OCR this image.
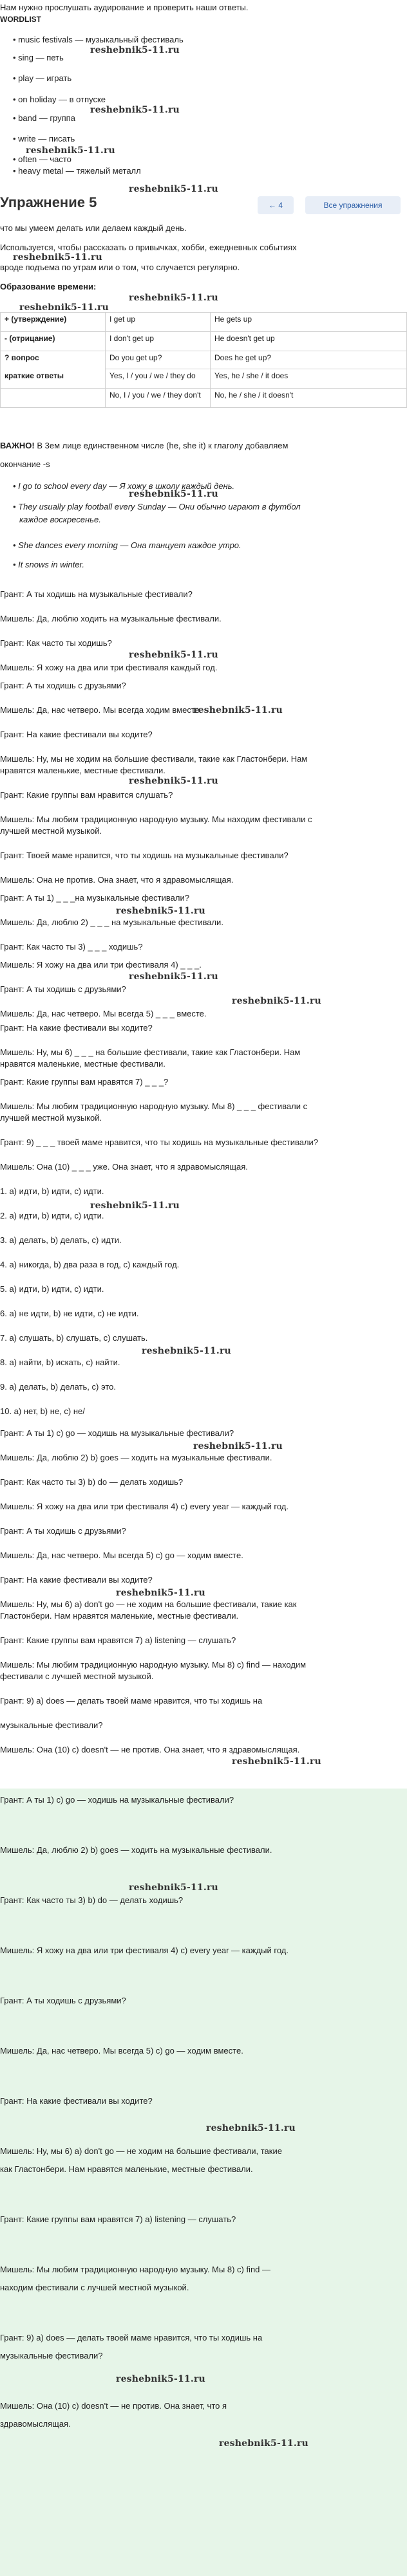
Нам нужно прослушать аудирование и проверить наши ответы.
WORDLIST
• music festivals — музыкальный фестиваль
• sing — петь
• play — играть
• on holiday — в отпуске
• band — группа
• write — писать
• often — часто
• heavy metal — тяжелый металл
Упражнение 5	← 4	Все упражнения
что мы умеем делать или делаем каждый день.
Используется, чтобы рассказать о привычках, хобби, ежедневных событиях
вроде подъема по утрам или о том, что случается регулярно.
Образование времени:
+ (утверждение)	I get up	He gets up
- (отрицание)	I don't get up	He doesn't get up
? вопрос	Do you get up?	Does he get up?
краткие ответы	Yes, I / you / we / they do	Yes, he / she / it does
	No, I / you / we / they don't	No, he / she / it doesn't
ВАЖНО! В 3ем лице единственном числе (he, she it) к глаголу добавляем
окончание -s
• I go to school every day — Я хожу в школу каждый день.
• They usually play football every Sunday — Они обычно играют в футбол
каждое воскресенье.
• She dances every morning — Она танцует каждое утро.
• It snows in winter.
Грант: А ты ходишь на музыкальные фестивали?
Мишель: Да, люблю ходить на музыкальные фестивали.
Грант: Как часто ты ходишь?
Мишель: Я хожу на два или три фестиваля каждый год.
Грант: А ты ходишь с друзьями?
Мишель: Да, нас четверо. Мы всегда ходим вместе.
Грант: На какие фестивали вы ходите?
Мишель: Ну, мы не ходим на большие фестивали, такие как Гластонбери. Нам
нравятся маленькие, местные фестивали.
Грант: Какие группы вам нравится слушать?
Мишель: Мы любим традиционную народную музыку. Мы находим фестивали с
лучшей местной музыкой.
Грант: Твоей маме нравится, что ты ходишь на музыкальные фестивали?
Мишель: Она не против. Она знает, что я здравомыслящая.
Грант: А ты 1) _ _ _на музыкальные фестивали?
Мишель: Да, люблю 2) _ _ _ на музыкальные фестивали.
Грант: Как часто ты 3) _ _ _ ходишь?
Мишель: Я хожу на два или три фестиваля 4) _ _ _.
Грант: А ты ходишь с друзьями?
Мишель: Да, нас четверо. Мы всегда 5) _ _ _ вместе.
Грант: На какие фестивали вы ходите?
Мишель: Ну, мы 6) _ _ _ на большие фестивали, такие как Гластонбери. Нам
нравятся маленькие, местные фестивали.
Грант: Какие группы вам нравятся 7) _ _ _?
Мишель: Мы любим традиционную народную музыку. Мы 8) _ _ _ фестивали с
лучшей местной музыкой.
Грант: 9) _ _ _ твоей маме нравится, что ты ходишь на музыкальные фестивали?
Мишель: Она (10) _ _ _ уже. Она знает, что я здравомыслящая.
1. а) идти, b) идти, c) идти.
2. а) идти, b) идти, c) идти.
3. а) делать, b) делать, c) идти.
4. а) никогда, b) два раза в год, c) каждый год.
5. а) идти, b) идти, c) идти.
6. а) не идти, b) не идти, c) не идти.
7. а) слушать, b) слушать, c) слушать.
8. а) найти, b) искать, c) найти.
9. а) делать, b) делать, c) это.
10. а) нет, b) не, c) не/
Грант: А ты 1) c) go — ходишь на музыкальные фестивали?
Мишель: Да, люблю 2) b) goes — ходить на музыкальные фестивали.
Грант: Как часто ты 3) b) do — делать ходишь?
Мишель: Я хожу на два или три фестиваля 4) c) every year — каждый год.
Грант: А ты ходишь с друзьями?
Мишель: Да, нас четверо. Мы всегда 5) c) go — ходим вместе.
Грант: На какие фестивали вы ходите?
Мишель: Ну, мы 6) a) don't go — не ходим на большие фестивали, такие как
Гластонбери. Нам нравятся маленькие, местные фестивали.
Грант: Какие группы вам нравятся 7) a) listening — слушать?
Мишель: Мы любим традиционную народную музыку. Мы 8) c) find — находим
фестивали с лучшей местной музыкой.
Грант: 9) a) does — делать твоей маме нравится, что ты ходишь на
музыкальные фестивали?
Мишель: Она (10) c) doesn't — не против. Она знает, что я здравомыслящая.
Грант: А ты 1) c) go — ходишь на музыкальные фестивали?
Мишель: Да, люблю 2) b) goes — ходить на музыкальные фестивали.
Грант: Как часто ты 3) b) do — делать ходишь?
Мишель: Я хожу на два или три фестиваля 4) c) every year — каждый год.
Грант: А ты ходишь с друзьями?
Мишель: Да, нас четверо. Мы всегда 5) c) go — ходим вместе.
Грант: На какие фестивали вы ходите?
Мишель: Ну, мы 6) a) don't go — не ходим на большие фестивали, такие
как Гластонбери. Нам нравятся маленькие, местные фестивали.
Грант: Какие группы вам нравятся 7) a) listening — слушать?
Мишель: Мы любим традиционную народную музыку. Мы 8) c) find —
находим фестивали с лучшей местной музыкой.
Грант: 9) a) does — делать твоей маме нравится, что ты ходишь на
музыкальные фестивали?
Мишель: Она (10) c) doesn't — не против. Она знает, что я
здравомыслящая.
reshebnik5-11.ru
reshebnik5-11.ru
reshebnik5-11.ru
reshebnik5-11.ru
reshebnik5-11.ru
reshebnik5-11.ru
reshebnik5-11.ru
reshebnik5-11.ru
reshebnik5-11.ru
reshebnik5-11.ru
reshebnik5-11.ru
reshebnik5-11.ru
reshebnik5-11.ru
reshebnik5-11.ru
reshebnik5-11.ru
reshebnik5-11.ru
reshebnik5-11.ru
reshebnik5-11.ru
reshebnik5-11.ru
reshebnik5-11.ru
reshebnik5-11.ru
reshebnik5-11.ru
reshebnik5-11.ru
